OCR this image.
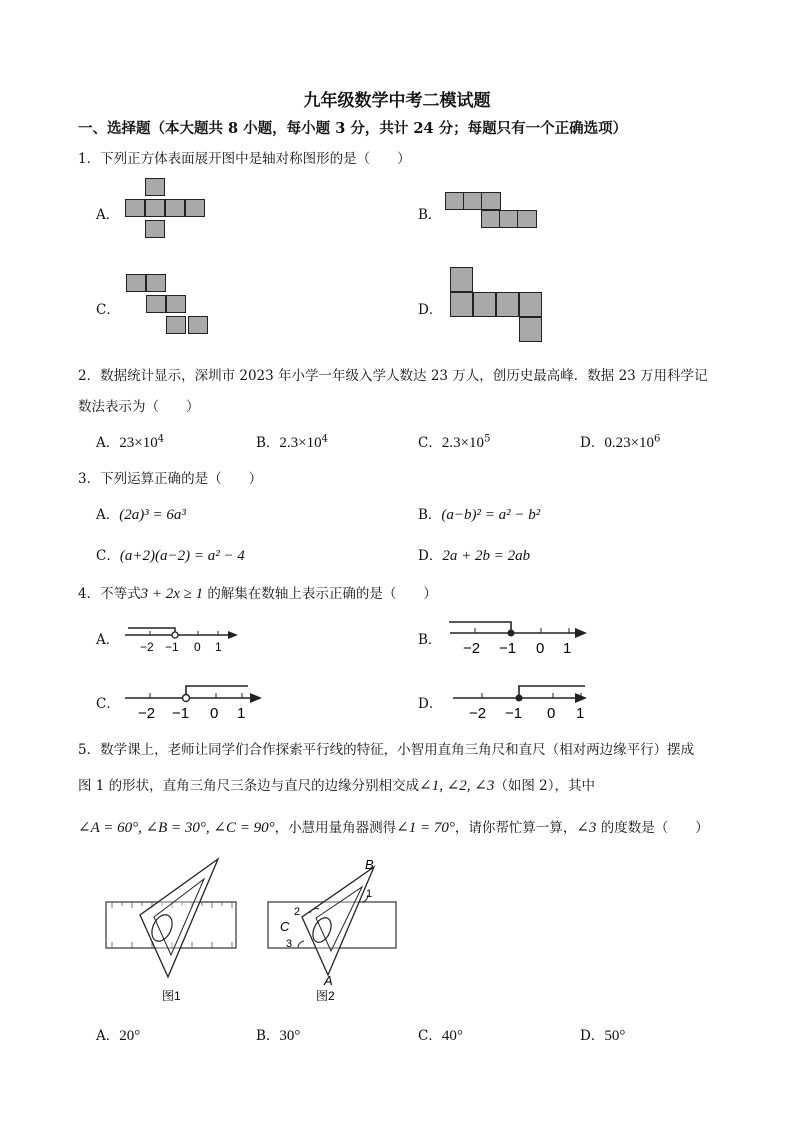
九年级数学中考二模试题
一、选择题（本大题共 8 小题，每小题 3 分，共计 24 分；每题只有一个正确选项）
1．下列正方体表面展开图中是轴对称图形的是（　　）
A．	B．
C．	D．
2．数据统计显示，深圳市 2023 年小学一年级入学人数达 23 万人，创历史最高峰．数据 23 万用科学记
数法表示为（　　）
A．$23\times 10^4$	B．$2.3\times 10^4$	C．$2.3\times 10^5$	D．$0.23\times 10^6$
3．下列运算正确的是（　　）
A．(2a)³ = 6a³	B．(a−b)² = a² − b²
C．(a+2)(a−2) = a² − 4	D．2a + 2b = 2ab
4．不等式3 + 2x ≥ 1 的解集在数轴上表示正确的是（　　）
A． −2 −1 0 1	B． −2 −1 0 1
C．
−2 −1 0 1
D．
−2 −1 0 1
5．数学课上，老师让同学们合作探索平行线的特征，小智用直角三角尺和直尺（相对两边缘平行）摆成
图 1 的形状，直角三角尺三条边与直尺的边缘分别相交成∠1, ∠2, ∠3（如图 2），其中
∠A = 60°, ∠B = 30°, ∠C = 90°，小慧用量角器测得∠1 = 70°，请你帮忙算一算，∠3 的度数是（　　）
图1
B
C
A
1
2
3
图2
A．20°	B．30°	C．40°	D．50°
